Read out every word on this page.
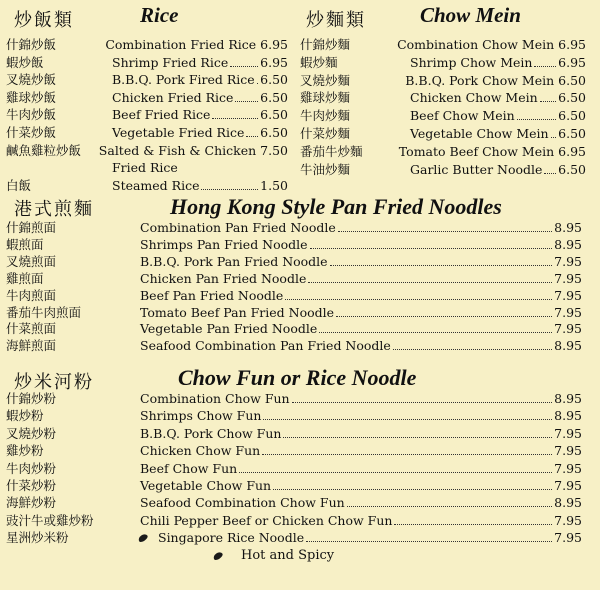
炒飯類	Rice
什錦炒飯	Combination Fried Rice 6.95
蝦炒飯	Shrimp Fried Rice	6.95
叉燒炒飯	B.B.Q. Pork Fired Rice 6.50
雞球炒飯	Chicken Fried Rice 6.50
牛肉炒飯	Beef Fried Rice	6.50
什菜炒飯	Vegetable Fried Rice 6.50
鹹魚雞粒炒飯	Salted & Fish & Chicken 7.50
Fried Rice
白飯	Steamed Rice	1.50
炒麵類	Chow Mein
什錦炒麵	Combination Chow Mein 6.95
蝦炒麵	Shrimp Chow Mein 6.95
叉燒炒麵	B.B.Q. Pork Chow Mein 6.50
雞球炒麵	Chicken Chow Mein 6.50
牛肉炒麵	Beef Chow Mein	6.50
什菜炒麵	Vegetable Chow Mein 6.50
番茄牛炒麵	Tomato Beef Chow Mein 6.95
牛油炒麵	Garlic Butter Noodle 6.50
港式煎麵	Hong Kong Style Pan Fried Noodles
什錦煎面	Combination Pan Fried Noodle	8.95
蝦煎面	Shrimps Pan Fried Noodle	8.95
叉燒煎面	B.B.Q. Pork Pan Fried Noodle	7.95
雞煎面	Chicken Pan Fried Noodle	7.95
牛肉煎面	Beef Pan Fried Noodle	7.95
番茄牛肉煎面	Tomato Beef Pan Fried Noodle	7.95
什菜煎面	Vegetable Pan Fried Noodle	7.95
海鮮煎面	Seafood Combination Pan Fried Noodle	8.95
炒米河粉	Chow Fun or Rice Noodle
什錦炒粉	Combination Chow Fun	8.95
蝦炒粉	Shrimps Chow Fun	8.95
叉燒炒粉	B.B.Q. Pork Chow Fun	7.95
雞炒粉	Chicken Chow Fun	7.95
牛肉炒粉	Beef Chow Fun	7.95
什菜炒粉	Vegetable Chow Fun	7.95
海鮮炒粉	Seafood Combination Chow Fun	8.95
豉汁牛或雞炒粉	Chili Pepper Beef or Chicken Chow Fun	7.95
星洲炒米粉	Singapore Rice Noodle	7.95
Hot and Spicy
